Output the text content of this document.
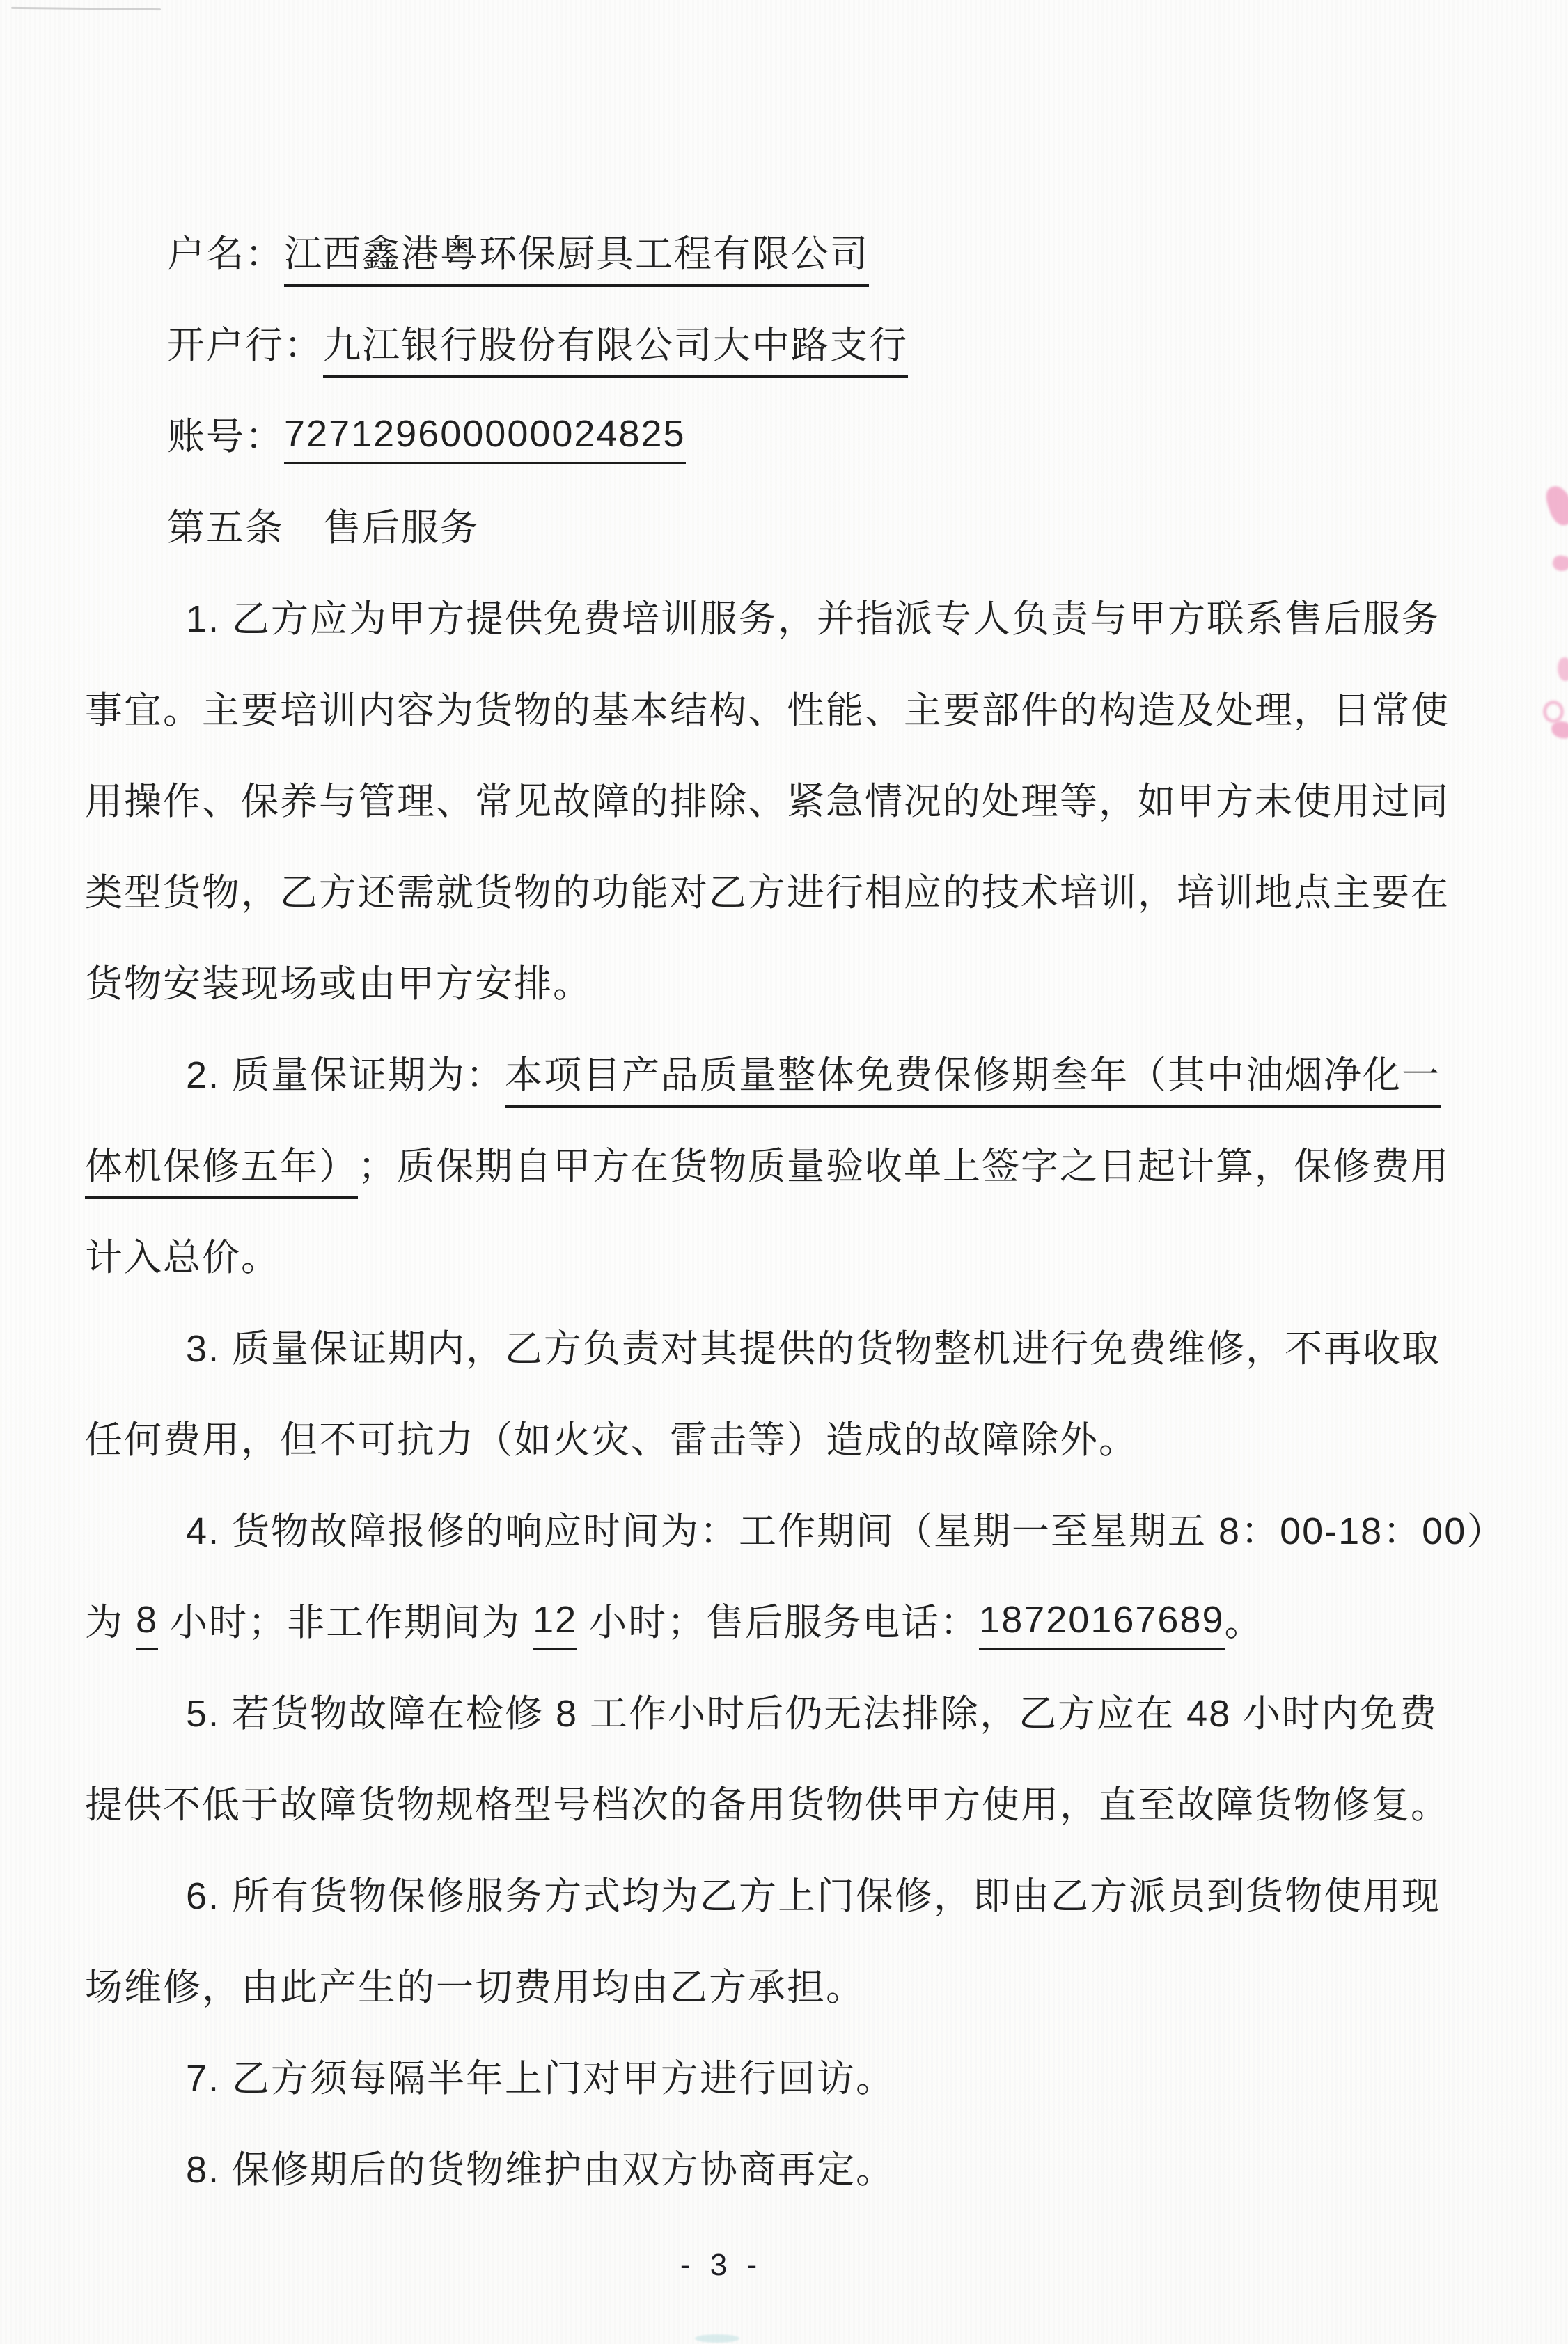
户名： 江西鑫港粤环保厨具工程有限公司
开户行： 九江银行股份有限公司大中路支行
账号： 727129600000024825
第五条　售后服务
1. 乙方应为甲方提供免费培训服务，并指派专人负责与甲方联系售后服务
事宜。主要培训内容为货物的基本结构、性能、主要部件的构造及处理，日常使
用操作、保养与管理、常见故障的排除、紧急情况的处理等，如甲方未使用过同
类型货物，乙方还需就货物的功能对乙方进行相应的技术培训，培训地点主要在
货物安装现场或由甲方安排。
2. 质量保证期为： 本项目产品质量整体免费保修期叁年（其中油烟净化一
体机保修五年） ；质保期自甲方在货物质量验收单上签字之日起计算，保修费用
计入总价。
3. 质量保证期内，乙方负责对其提供的货物整机进行免费维修，不再收取
任何费用，但不可抗力（如火灾、雷击等）造成的故障除外。
4. 货物故障报修的响应时间为：工作期间（星期一至星期五 8：00-18：00）
为 8 小时；非工作期间为 12 小时；售后服务电话： 18720167689 。
5. 若货物故障在检修 8 工作小时后仍无法排除，乙方应在 48 小时内免费
提供不低于故障货物规格型号档次的备用货物供甲方使用，直至故障货物修复。
6. 所有货物保修服务方式均为乙方上门保修，即由乙方派员到货物使用现
场维修，由此产生的一切费用均由乙方承担。
7. 乙方须每隔半年上门对甲方进行回访。
8. 保修期后的货物维护由双方协商再定。
- 3 -
